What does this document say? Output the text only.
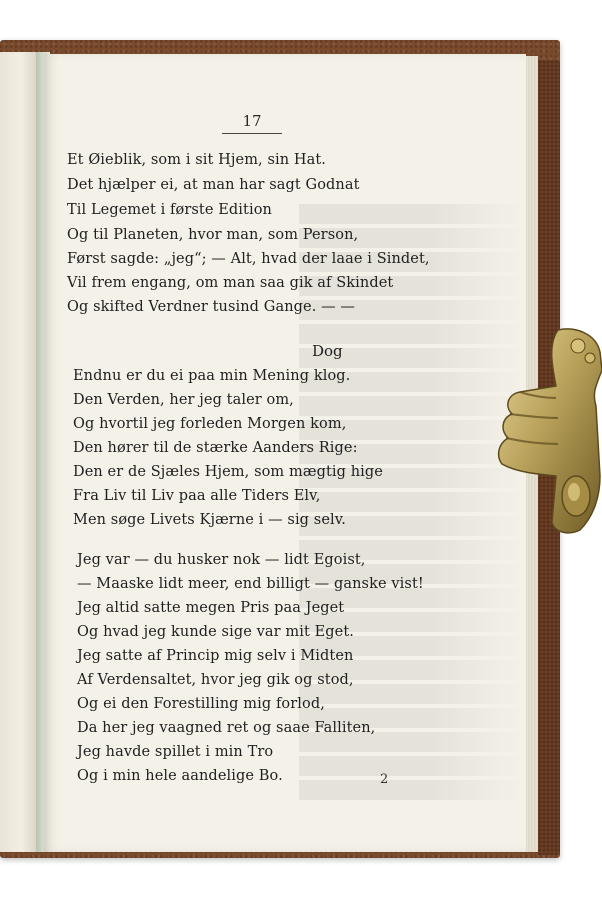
17
Et Øieblik, som i sit Hjem, sin Hat.
Det hjælper ei, at man har sagt Godnat
Til Legemet i første Edition
Og til Planeten, hvor man, som Person,
Først sagde: „jeg“; — Alt, hvad der laae i Sindet,
Vil frem engang, om man saa gik af Skindet
Og skifted Verdner tusind Gange. — —
Dog
Endnu er du ei paa min Mening klog.
Den Verden, her jeg taler om,
Og hvortil jeg forleden Morgen kom,
Den hører til de stærke Aanders Rige:
Den er de Sjæles Hjem, som mægtig hige
Fra Liv til Liv paa alle Tiders Elv,
Men søge Livets Kjærne i — sig selv.
Jeg var — du husker nok — lidt Egoist,
— Maaske lidt meer, end billigt — ganske vist!
Jeg altid satte megen Pris paa Jeget
Og hvad jeg kunde sige var mit Eget.
Jeg satte af Princip mig selv i Midten
Af Verdensaltet, hvor jeg gik og stod,
Og ei den Forestilling mig forlod,
Da her jeg vaagned ret og saae Falliten,
Jeg havde spillet i min Tro
Og i min hele aandelige Bo.	2
